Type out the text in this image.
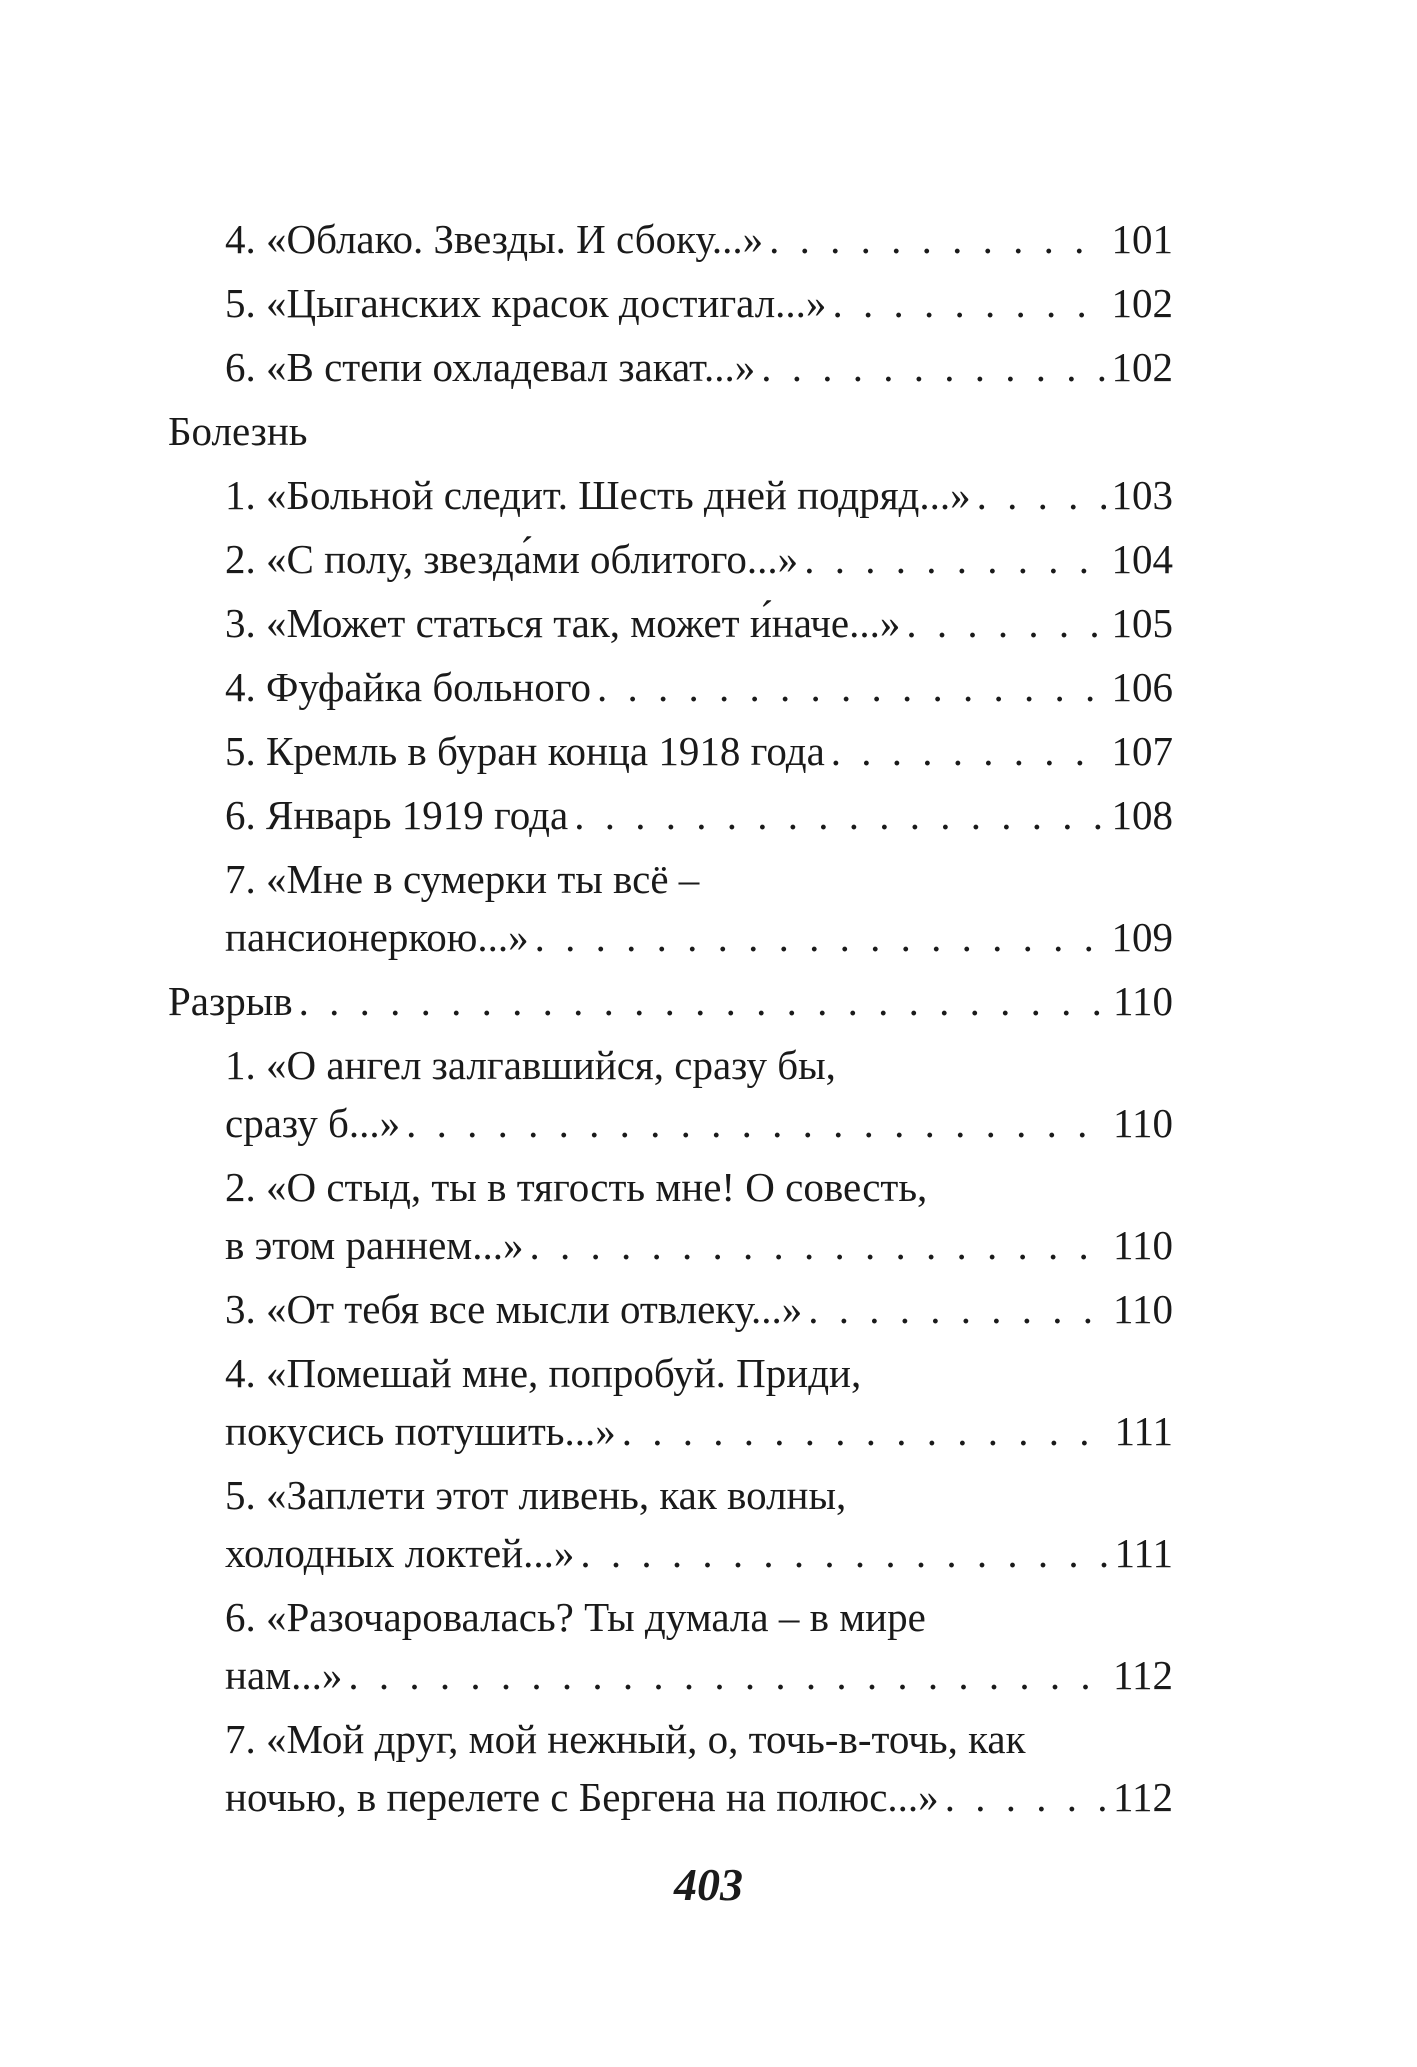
4. «Облако. Звезды. И сбоку...» . . .	101
5. «Цыганских красок достигал...» . . .	102
6. «В степи охладевал закат...» . . .	102
Болезнь
1. «Больной следит. Шесть дней подряд...» . . .	103
2. «С полу, звезда́ми облитого...» . . .	104
3. «Может статься так, может и́наче...» . . .	105
4. Фуфайка больного . . .	106
5. Кремль в буран конца 1918 года . . .	107
6. Январь 1919 года . . .	108
7. «Мне в сумерки ты всё –
пансионеркою...» . . .	109
Разрыв . . .	110
1. «О ангел залгавшийся, сразу бы,
сразу б...» . . .	110
2. «О стыд, ты в тягость мне! О совесть,
в этом раннем...» . . .	110
3. «От тебя все мысли отвлеку...» . . .	110
4. «Помешай мне, попробуй. Приди,
покусись потушить...» . . .	111
5. «Заплети этот ливень, как волны,
холодных локтей...» . . .	111
6. «Разочаровалась? Ты думала – в мире
нам...» . . .	112
7. «Мой друг, мой нежный, о, точь-в-точь, как
ночью, в перелете с Бергена на полюс...» . . .	112
403
